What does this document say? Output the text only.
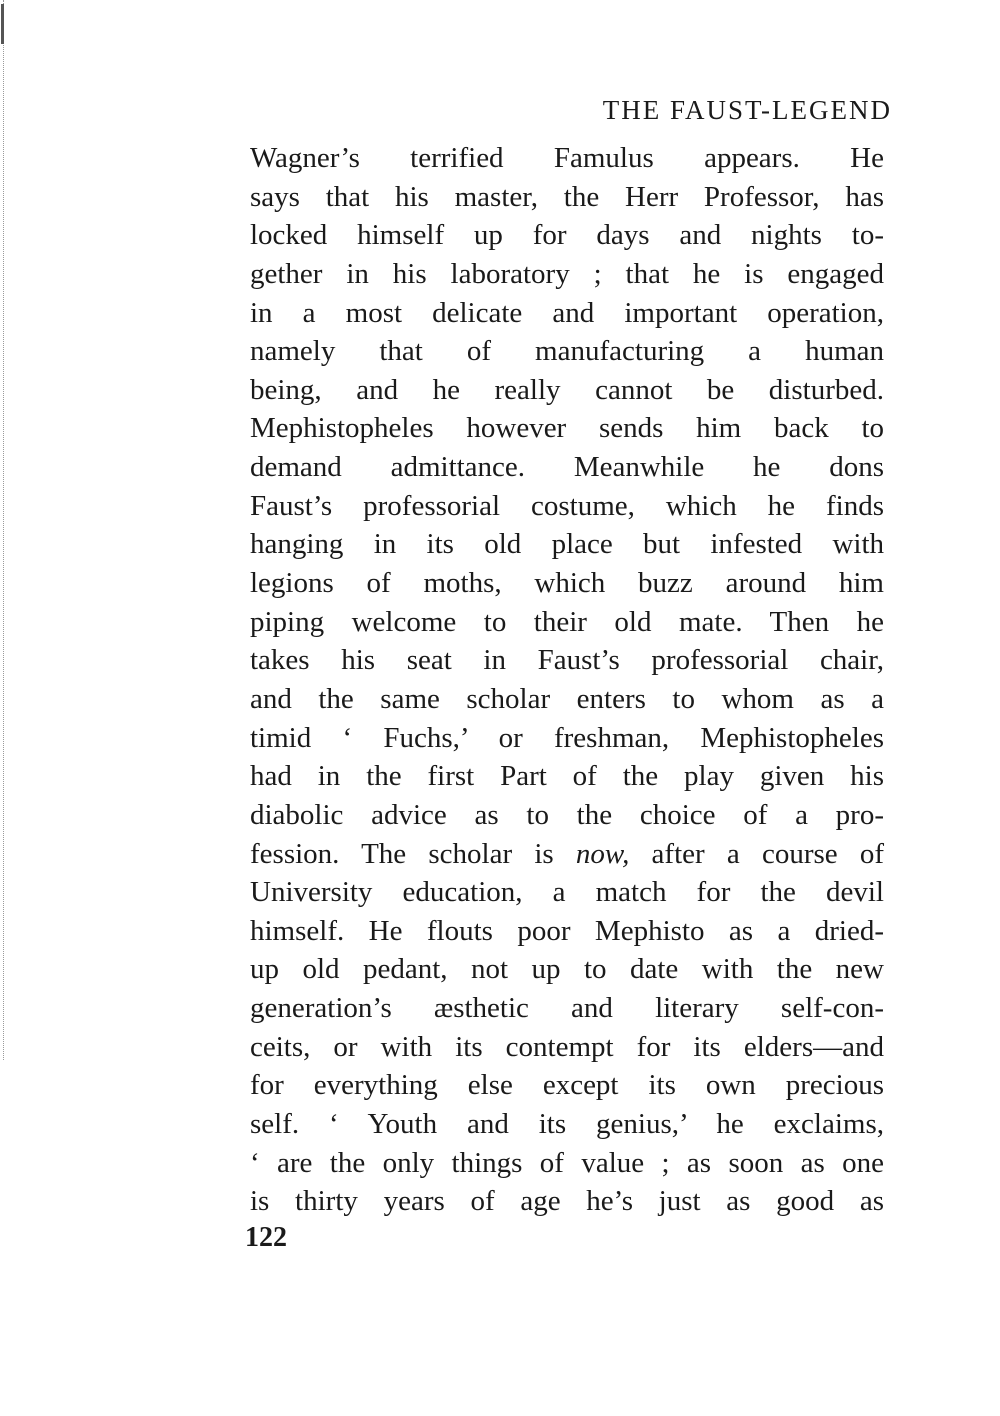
THE FAUST-LEGEND
Wagner’s terrified Famulus appears. He
says that his master, the Herr Professor, has
locked himself up for days and nights to-
gether in his laboratory ; that he is engaged
in a most delicate and important operation,
namely that of manufacturing a human
being, and he really cannot be disturbed.
Mephistopheles however sends him back to
demand admittance. Meanwhile he dons
Faust’s professorial costume, which he finds
hanging in its old place but infested with
legions of moths, which buzz around him
piping welcome to their old mate. Then he
takes his seat in Faust’s professorial chair,
and the same scholar enters to whom as a
timid ‘ Fuchs,’ or freshman, Mephistopheles
had in the first Part of the play given his
diabolic advice as to the choice of a pro-
fession. The scholar is now, after a course of
University education, a match for the devil
himself. He flouts poor Mephisto as a dried-
up old pedant, not up to date with the new
generation’s æsthetic and literary self-con-
ceits, or with its contempt for its elders—and
for everything else except its own precious
self. ‘ Youth and its genius,’ he exclaims,
‘ are the only things of value ; as soon as one
is thirty years of age he’s just as good as

122
